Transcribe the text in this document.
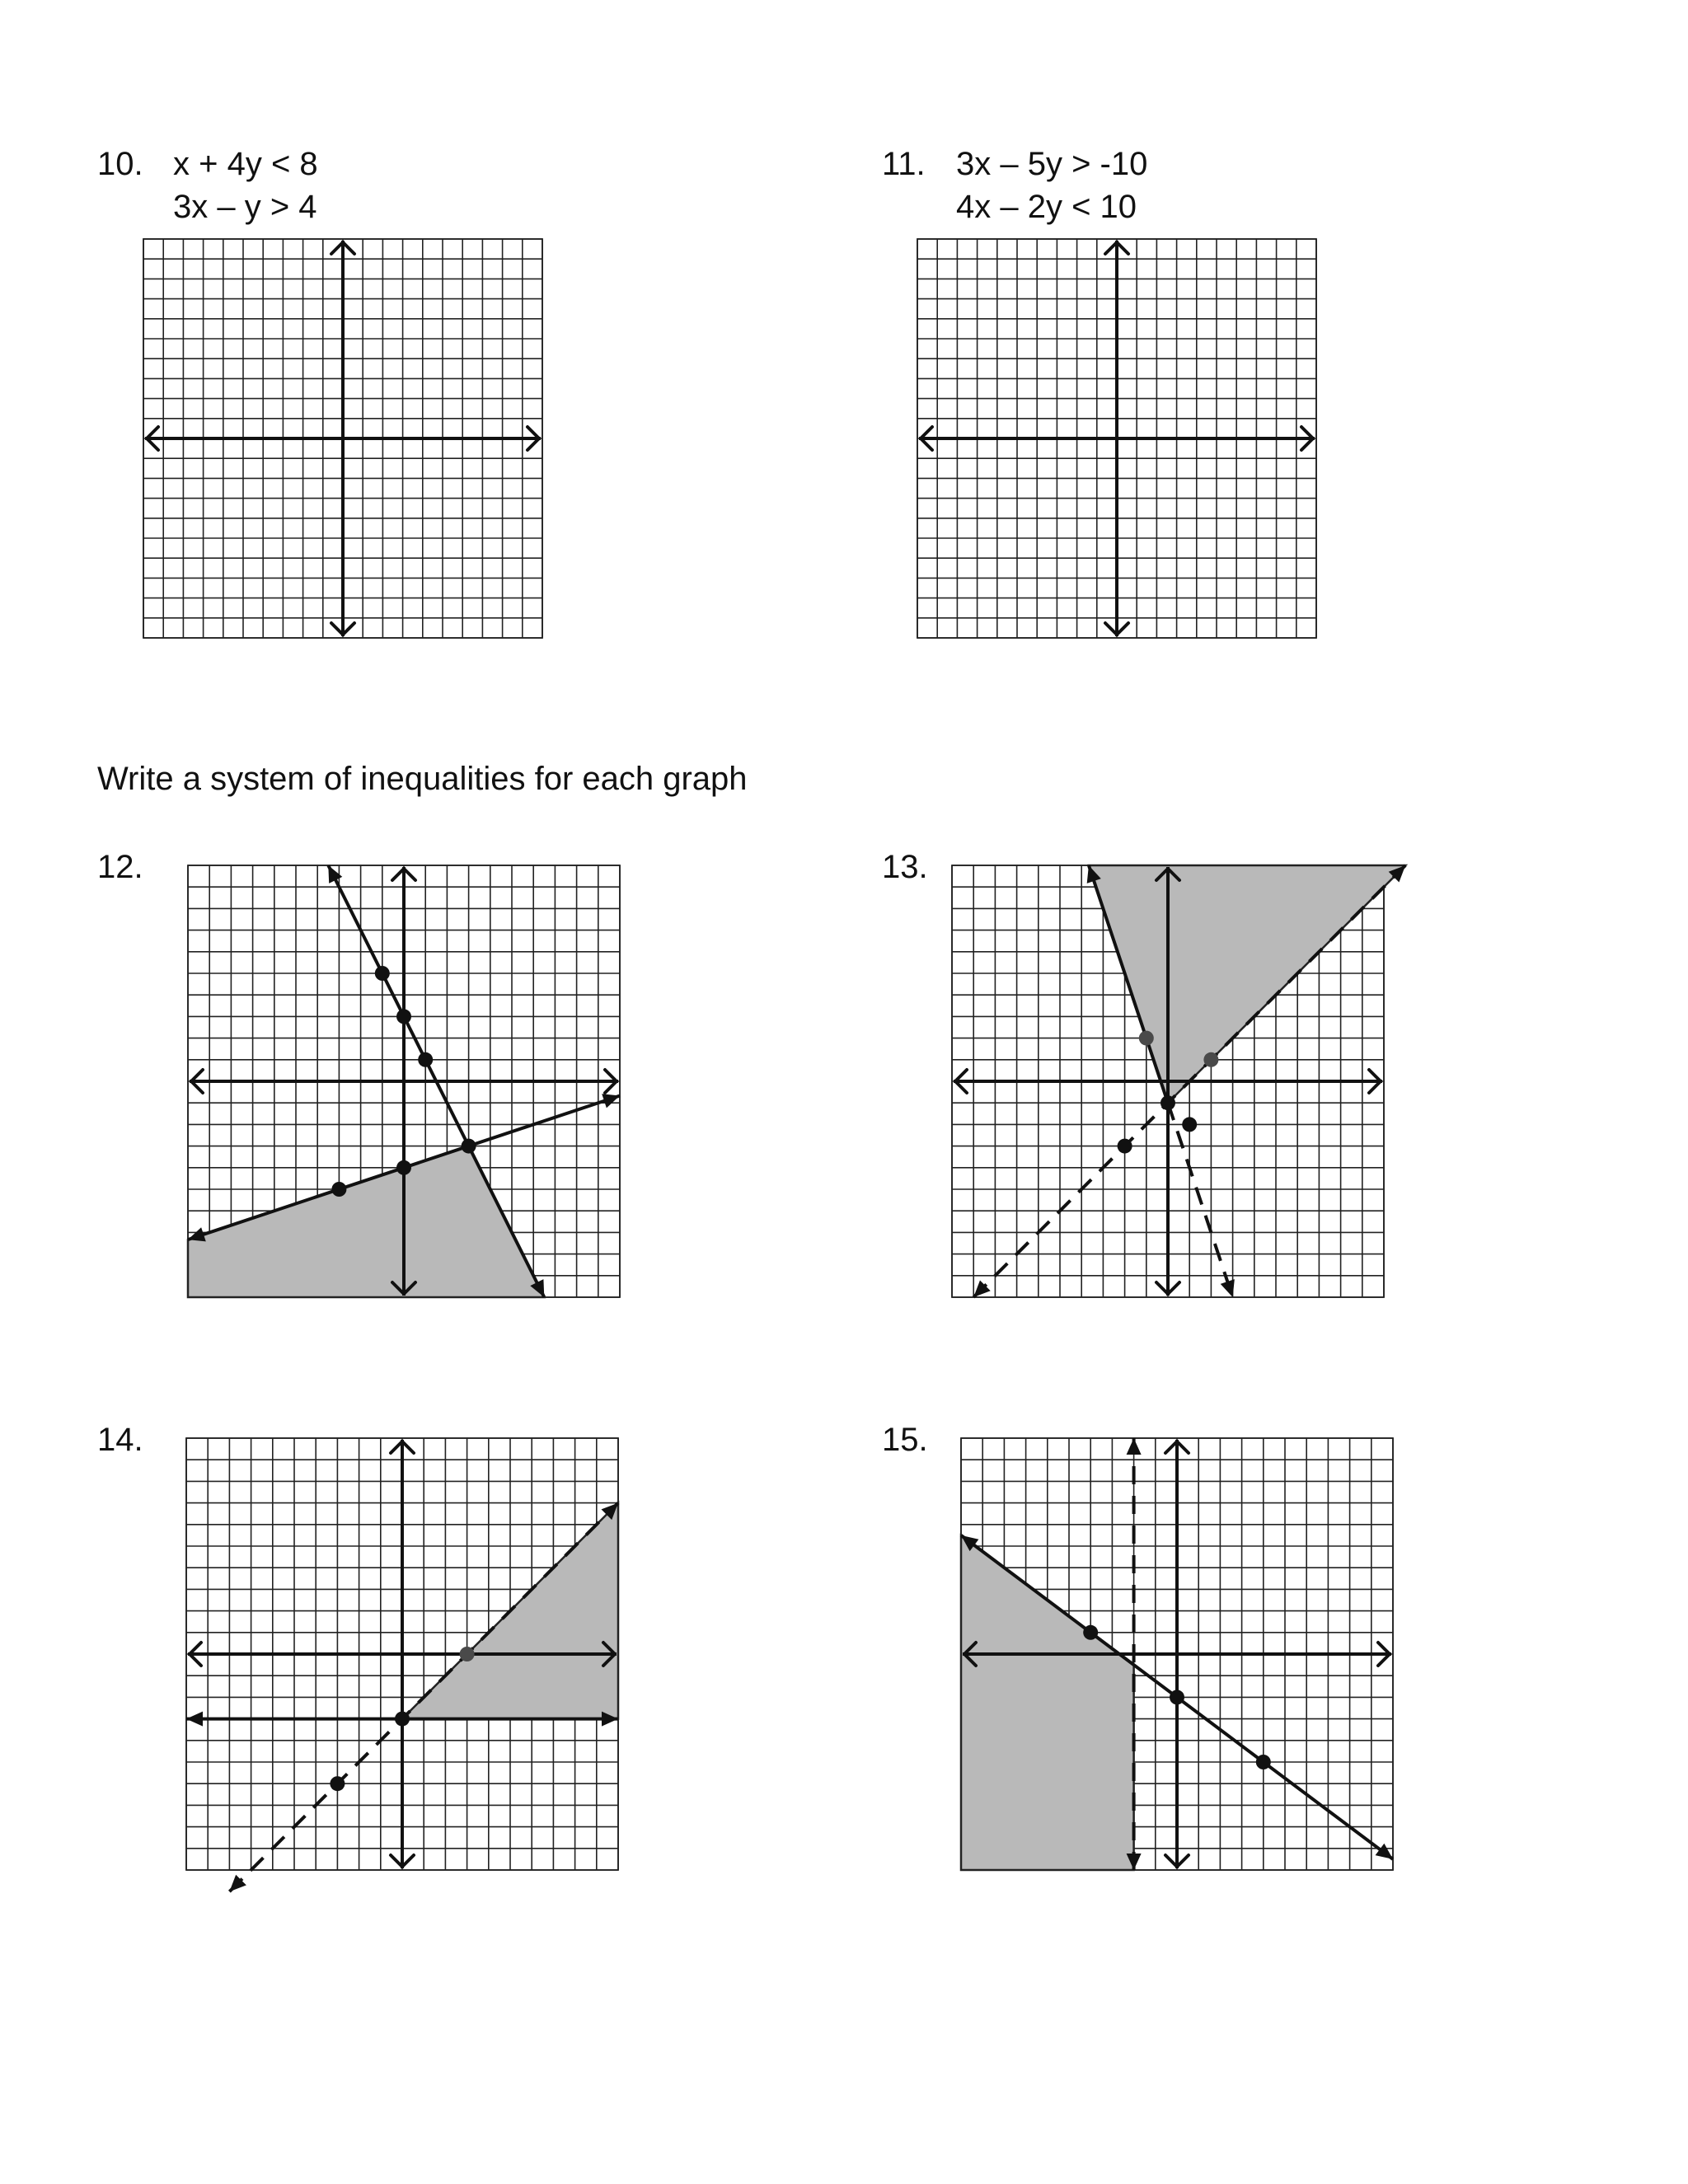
10. x + 4y < 8
3x – y > 4
11. 3x – 5y > -10
4x – 2y < 10
Write a system of inequalities for each graph
12.	13.
14.	15.
